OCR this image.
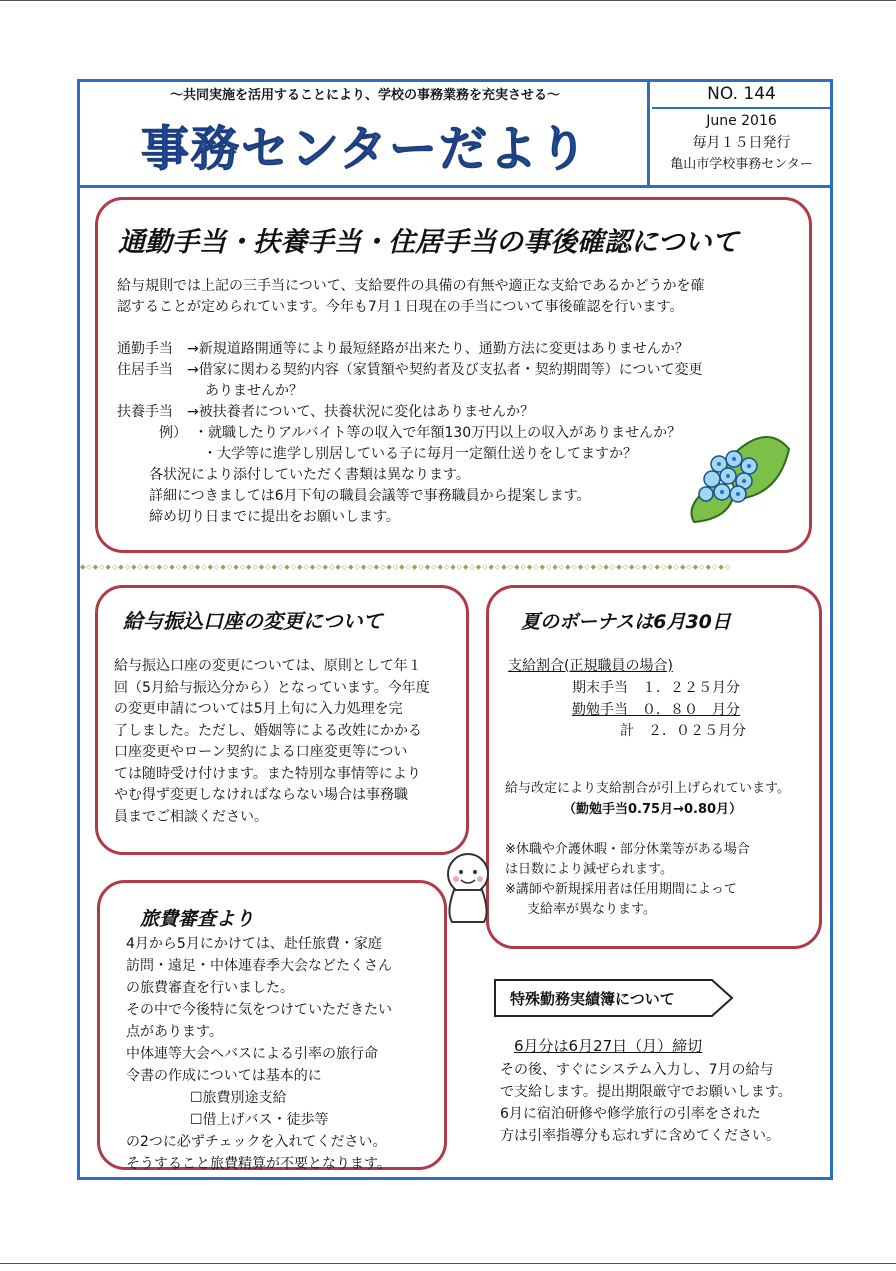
～共同実施を活用することにより、学校の事務業務を充実させる～
事務センターだより
NO. 144
June 2016
毎月１５日発行
亀山市学校事務センター
通勤手当・扶養手当・住居手当の事後確認について
給与規則では上記の三手当について、支給要件の具備の有無や適正な支給であるかどうかを確
認することが定められています。今年も7月１日現在の手当について事後確認を行います。
通勤手当　→新規道路開通等により最短経路が出来たり、通勤方法に変更はありませんか？
住居手当　→借家に関わる契約内容（家賃額や契約者及び支払者・契約期間等）について変更
ありませんか？
扶養手当　→被扶養者について、扶養状況に変化はありませんか？
例）　・就職したりアルバイト等の収入で年額130万円以上の収入がありませんか？
・大学等に進学し別居している子に毎月一定額仕送りをしてますか？
各状況により添付していただく書類は異なります。
詳細につきましては6月下旬の職員会議等で事務職員から提案します。
締め切り日までに提出をお願いします。
◆◇◆◇◆◇◆◇◆◇◆◇◆◇◆◇◆◇◆◇◆◇◆◇◆◇◆◇◆◇◆◇◆◇◆◇◆◇◆◇◆◇◆◇◆◇◆◇◆◇◆◇◆◇◆◇◆◇◆◇◆◇◆◇◆◇◆◇◆◇◆◇◆◇◆◇◆◇◆◇◆◇◆◇◆◇◆◇◆◇◆◇◆◇◆◇◆◇◆◇◆◇
給与振込口座の変更について
給与振込口座の変更については、原則として年１
回（5月給与振込分から）となっています。今年度
の変更申請については5月上旬に入力処理を完
了しました。ただし、婚姻等による改姓にかかる
口座変更やローン契約による口座変更等につい
ては随時受け付けます。また特別な事情等により
やむ得ず変更しなければならない場合は事務職
員までご相談ください。
夏のボーナスは6月30日
支給割合(正規職員の場合)
期末手当　１．２２５月分
勤勉手当　０．８０　月分
計　２．０２５月分
給与改定により支給割合が引上げられています。
（勤勉手当0.75月→0.80月）
※休職や介護休暇・部分休業等がある場合
は日数により減ぜられます。
※講師や新規採用者は任用期間によって
支給率が異なります。
旅費審査より
4月から5月にかけては、赴任旅費・家庭
訪問・遠足・中体連春季大会などたくさん
の旅費審査を行いました。
その中で今後特に気をつけていただきたい
点があります。
中体連等大会へバスによる引率の旅行命
令書の作成については基本的に
☐旅費別途支給
☐借上げバス・徒歩等
の2つに必ずチェックを入れてください。
そうすること旅費精算が不要となります。
特殊勤務実績簿について
6月分は6月27日（月）締切
その後、すぐにシステム入力し、7月の給与
で支給します。提出期限厳守でお願いします。
6月に宿泊研修や修学旅行の引率をされた
方は引率指導分も忘れずに含めてください。
